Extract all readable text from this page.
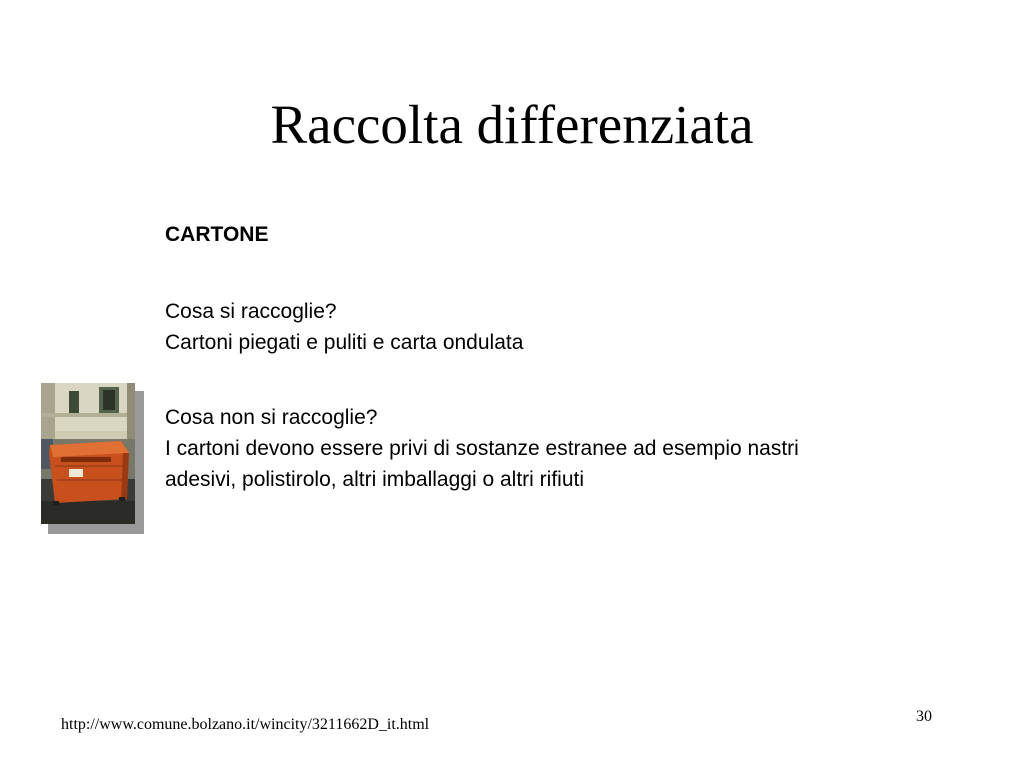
Raccolta differenziata
CARTONE
Cosa si raccoglie?
Cartoni piegati e puliti e carta ondulata
Cosa non si raccoglie?
I cartoni devono essere privi di sostanze estranee ad esempio nastri
adesivi, polistirolo, altri imballaggi o altri rifiuti
http://www.comune.bolzano.it/wincity/3211662D_it.html	30
